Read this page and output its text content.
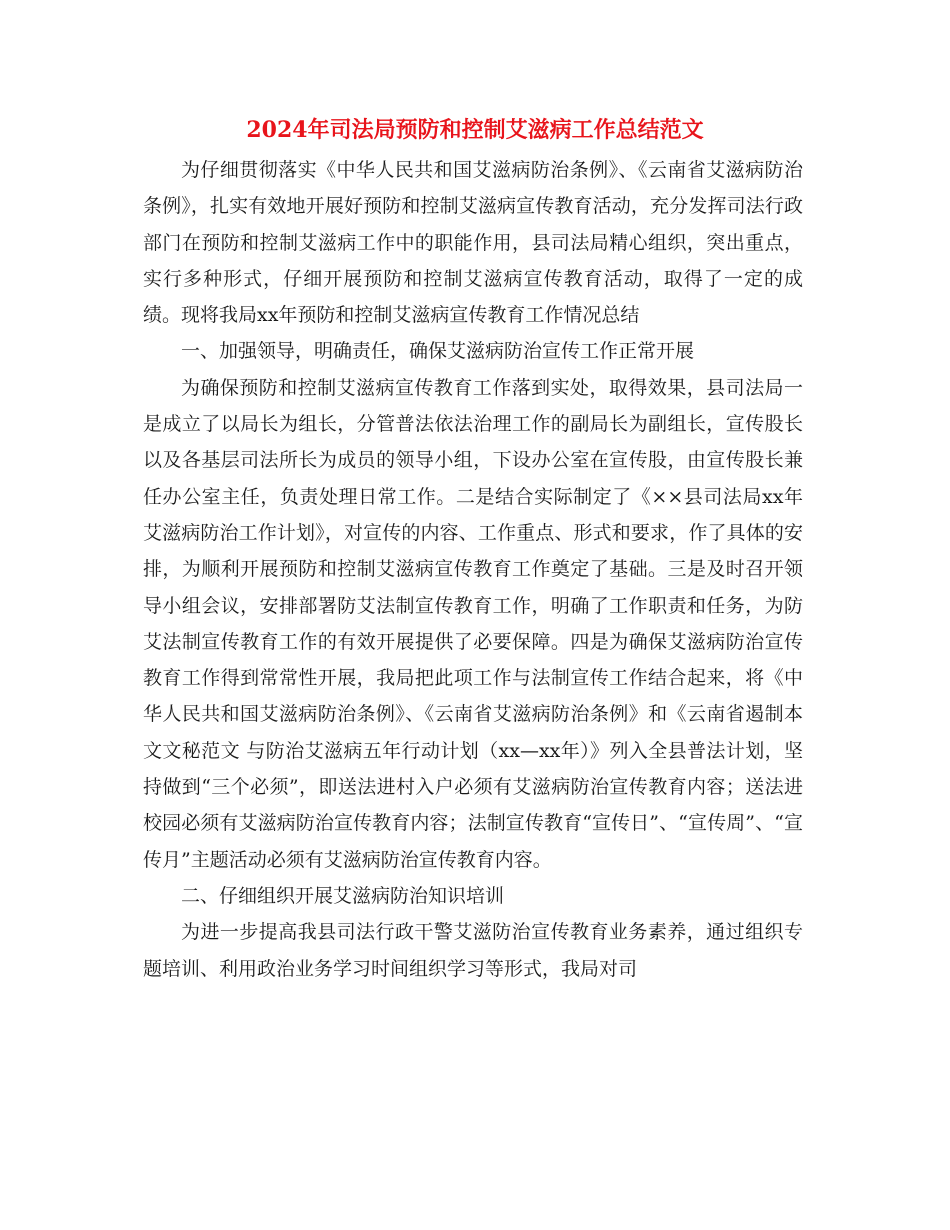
2024年司法局预防和控制艾滋病工作总结范文

为仔细贯彻落实《中华人民共和国艾滋病防治条例》、《云南省艾滋病防治条例》，扎实有效地开展好预防和控制艾滋病宣传教育活动，充分发挥司法行政部门在预防和控制艾滋病工作中的职能作用，县司法局精心组织，突出重点，实行多种形式，仔细开展预防和控制艾滋病宣传教育活动，取得了一定的成绩。现将我局xx年预防和控制艾滋病宣传教育工作情况总结

一、加强领导，明确责任，确保艾滋病防治宣传工作正常开展

为确保预防和控制艾滋病宣传教育工作落到实处，取得效果，县司法局一是成立了以局长为组长，分管普法依法治理工作的副局长为副组长，宣传股长以及各基层司法所长为成员的领导小组，下设办公室在宣传股，由宣传股长兼任办公室主任，负责处理日常工作。二是结合实际制定了《××县司法局xx年艾滋病防治工作计划》，对宣传的内容、工作重点、形式和要求，作了具体的安排，为顺利开展预防和控制艾滋病宣传教育工作奠定了基础。三是及时召开领导小组会议，安排部署防艾法制宣传教育工作，明确了工作职责和任务，为防艾法制宣传教育工作的有效开展提供了必要保障。四是为确保艾滋病防治宣传教育工作得到常常性开展，我局把此项工作与法制宣传工作结合起来，将《中华人民共和国艾滋病防治条例》、《云南省艾滋病防治条例》和《云南省遏制本文文秘范文 与防治艾滋病五年行动计划（xx—xx年）》列入全县普法计划，坚持做到“三个必须”，即送法进村入户必须有艾滋病防治宣传教育内容；送法进校园必须有艾滋病防治宣传教育内容；法制宣传教育“宣传日”、“宣传周”、“宣传月”主题活动必须有艾滋病防治宣传教育内容。

二、仔细组织开展艾滋病防治知识培训

为进一步提高我县司法行政干警艾滋防治宣传教育业务素养，通过组织专题培训、利用政治业务学习时间组织学习等形式，我局对司
